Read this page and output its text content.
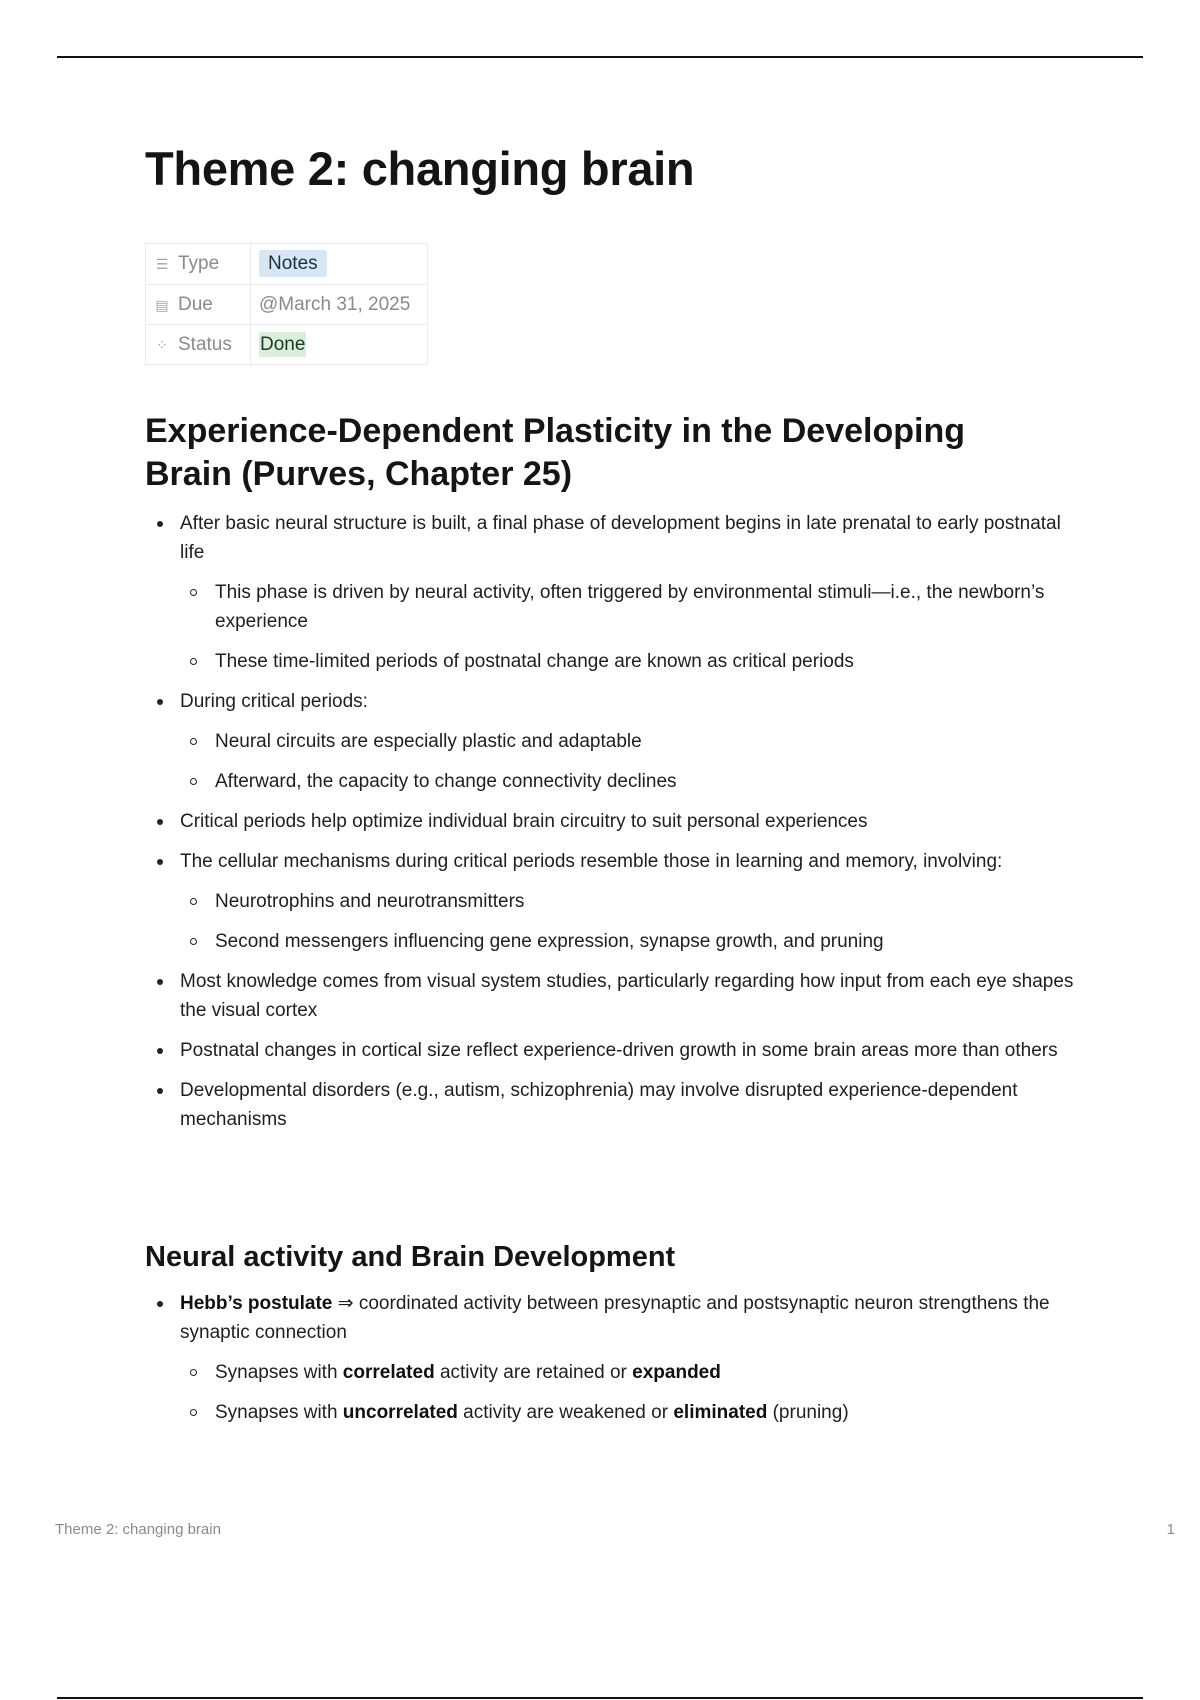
Theme 2: changing brain
☰ Type	Notes
▤ Due	@March 31, 2025
⁘ Status	Done
Experience-Dependent Plasticity in the Developing
Brain (Purves, Chapter 25)
After basic neural structure is built, a final phase of development begins in late prenatal to early postnatal life
This phase is driven by neural activity, often triggered by environmental stimuli—i.e., the newborn’s experience
These time-limited periods of postnatal change are known as critical periods
During critical periods:
Neural circuits are especially plastic and adaptable
Afterward, the capacity to change connectivity declines
Critical periods help optimize individual brain circuitry to suit personal experiences
The cellular mechanisms during critical periods resemble those in learning and memory, involving:
Neurotrophins and neurotransmitters
Second messengers influencing gene expression, synapse growth, and pruning
Most knowledge comes from visual system studies, particularly regarding how input from each eye shapes the visual cortex
Postnatal changes in cortical size reflect experience-driven growth in some brain areas more than others
Developmental disorders (e.g., autism, schizophrenia) may involve disrupted experience-dependent mechanisms
Neural activity and Brain Development
Hebb’s postulate ⇒ coordinated activity between presynaptic and postsynaptic neuron strengthens the synaptic connection
Synapses with correlated activity are retained or expanded
Synapses with uncorrelated activity are weakened or eliminated (pruning)
Theme 2: changing brain	1
